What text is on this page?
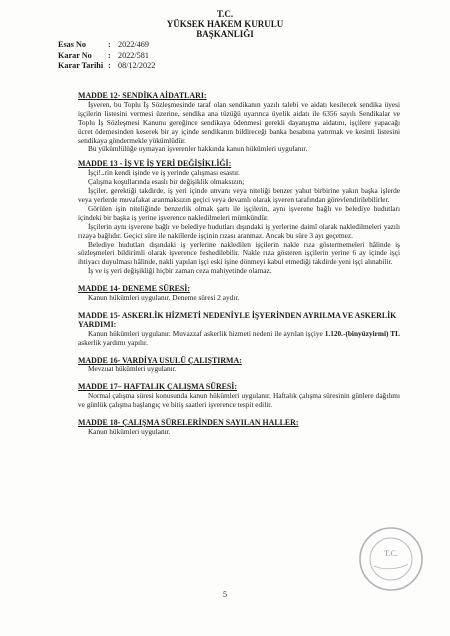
T.C.
YÜKSEK HAKEM KURULU
BAŞKANLIĞI
Esas No	: 2022/469
Karar No	: 2022/581
Karar Tarihi : 08/12/2022

MADDE 12- SENDİKA AİDATLARI:

İşveren, bu Toplu İş Sözleşmesinde taraf olan sendikanın yazılı talebi ve aidatı kesilecek sendika üyesi işçilerin listesini vermesi üzerine, sendika ana tüzüğü uyarınca üyelik aidatı ile 6356 sayılı Sendikalar ve Toplu İş Sözleşmesi Kanunu gereğince sendikaya ödenmesi gerekli dayanışma aidatını, işçilere yapacağı ücret ödemesinden keserek bir ay içinde sendikanın bildireceği banka hesabına yatırmak ve kesinti listesini sendikaya göndermekle yükümlüdür.

Bu yükümlülüğe uymayan işverenler hakkında kanun hükümleri uygulanır.

MADDE 13 - İŞ VE İŞ YERİ DEĞİŞİKLİĞİ:

İşçi!..rin kendi işinde ve iş yerinde çalışması esastır.

Çalışma koşullarında esaslı bir değişiklik olmaksızın;

İşçiler, gerektiği takdirde, iş yeri içinde unvanı veya niteliği benzer yahut birbirine yakın başka işlerde veya yerlerde muvafakat aranmaksızın geçici veya devamlı olarak işveren tarafından görevlendirilebilirler.

Görülen işin niteliğinde benzerlik olmak şartı ile işçilerin, aynı işverene bağlı ve belediye hudutları içindeki bir başka iş yerine işverence nakledilmeleri mümkündür.

İşçilerin aynı işverene bağlı ve belediye hudutları dışındaki iş yerlerine daimî olarak nakledilmeleri yazılı rızaya bağlıdır. Geçici süre ile nakillerde işçinin rızası aranmaz. Ancak bu süre 3 ayı geçemez.

Belediye hudutları dışındaki iş yerlerine nakledilen işçilerin nakle rıza göstermemeleri hâlinde iş sözleşmeleri bildirimli olarak işverence feshedilebilir. Nakle rıza gösteren işçilerin yerine 6 ay içinde işçi ihtiyacı duyulması hâlinde, nakli yapılan işçi eski işine dönmeyi kabul etmediği takdirde yeni işçi alınabilir.

İş ve iş yeri değişikliği hiçbir zaman ceza mahiyetinde olamaz.

MADDE 14- DENEME SÜRESİ:

Kanun hükümleri uygulanır. Deneme süresi 2 aydır.

MADDE 15- ASKERLİK HİZMETİ NEDENİYLE İŞYERİNDEN AYRILMA VE ASKERLİK YARDIMI:

Kanun hükümleri uygulanır. Muvazzaf askerlik hizmeti nedeni ile ayrılan işçiye 1.120.-(binyüzyirmi) TL askerlik yardımı yapılır.

MADDE 16- VARDİYA USULÜ ÇALIŞTIRMA:

Mevzuat hükümleri uygulanır.

MADDE 17– HAFTALIK ÇALIŞMA SÜRESİ:

Normal çalışma süresi konusunda kanun hükümleri uygulanır. Haftalık çalışma süresinin günlere dağılımı ve günlük çalışma başlangıç ve bitiş saatleri işverence tespit edilir.

MADDE 18- ÇALIŞMA SÜRELERİNDEN SAYILAN HALLER:

Kanun hükümleri uygulanır.

T.C.
5
